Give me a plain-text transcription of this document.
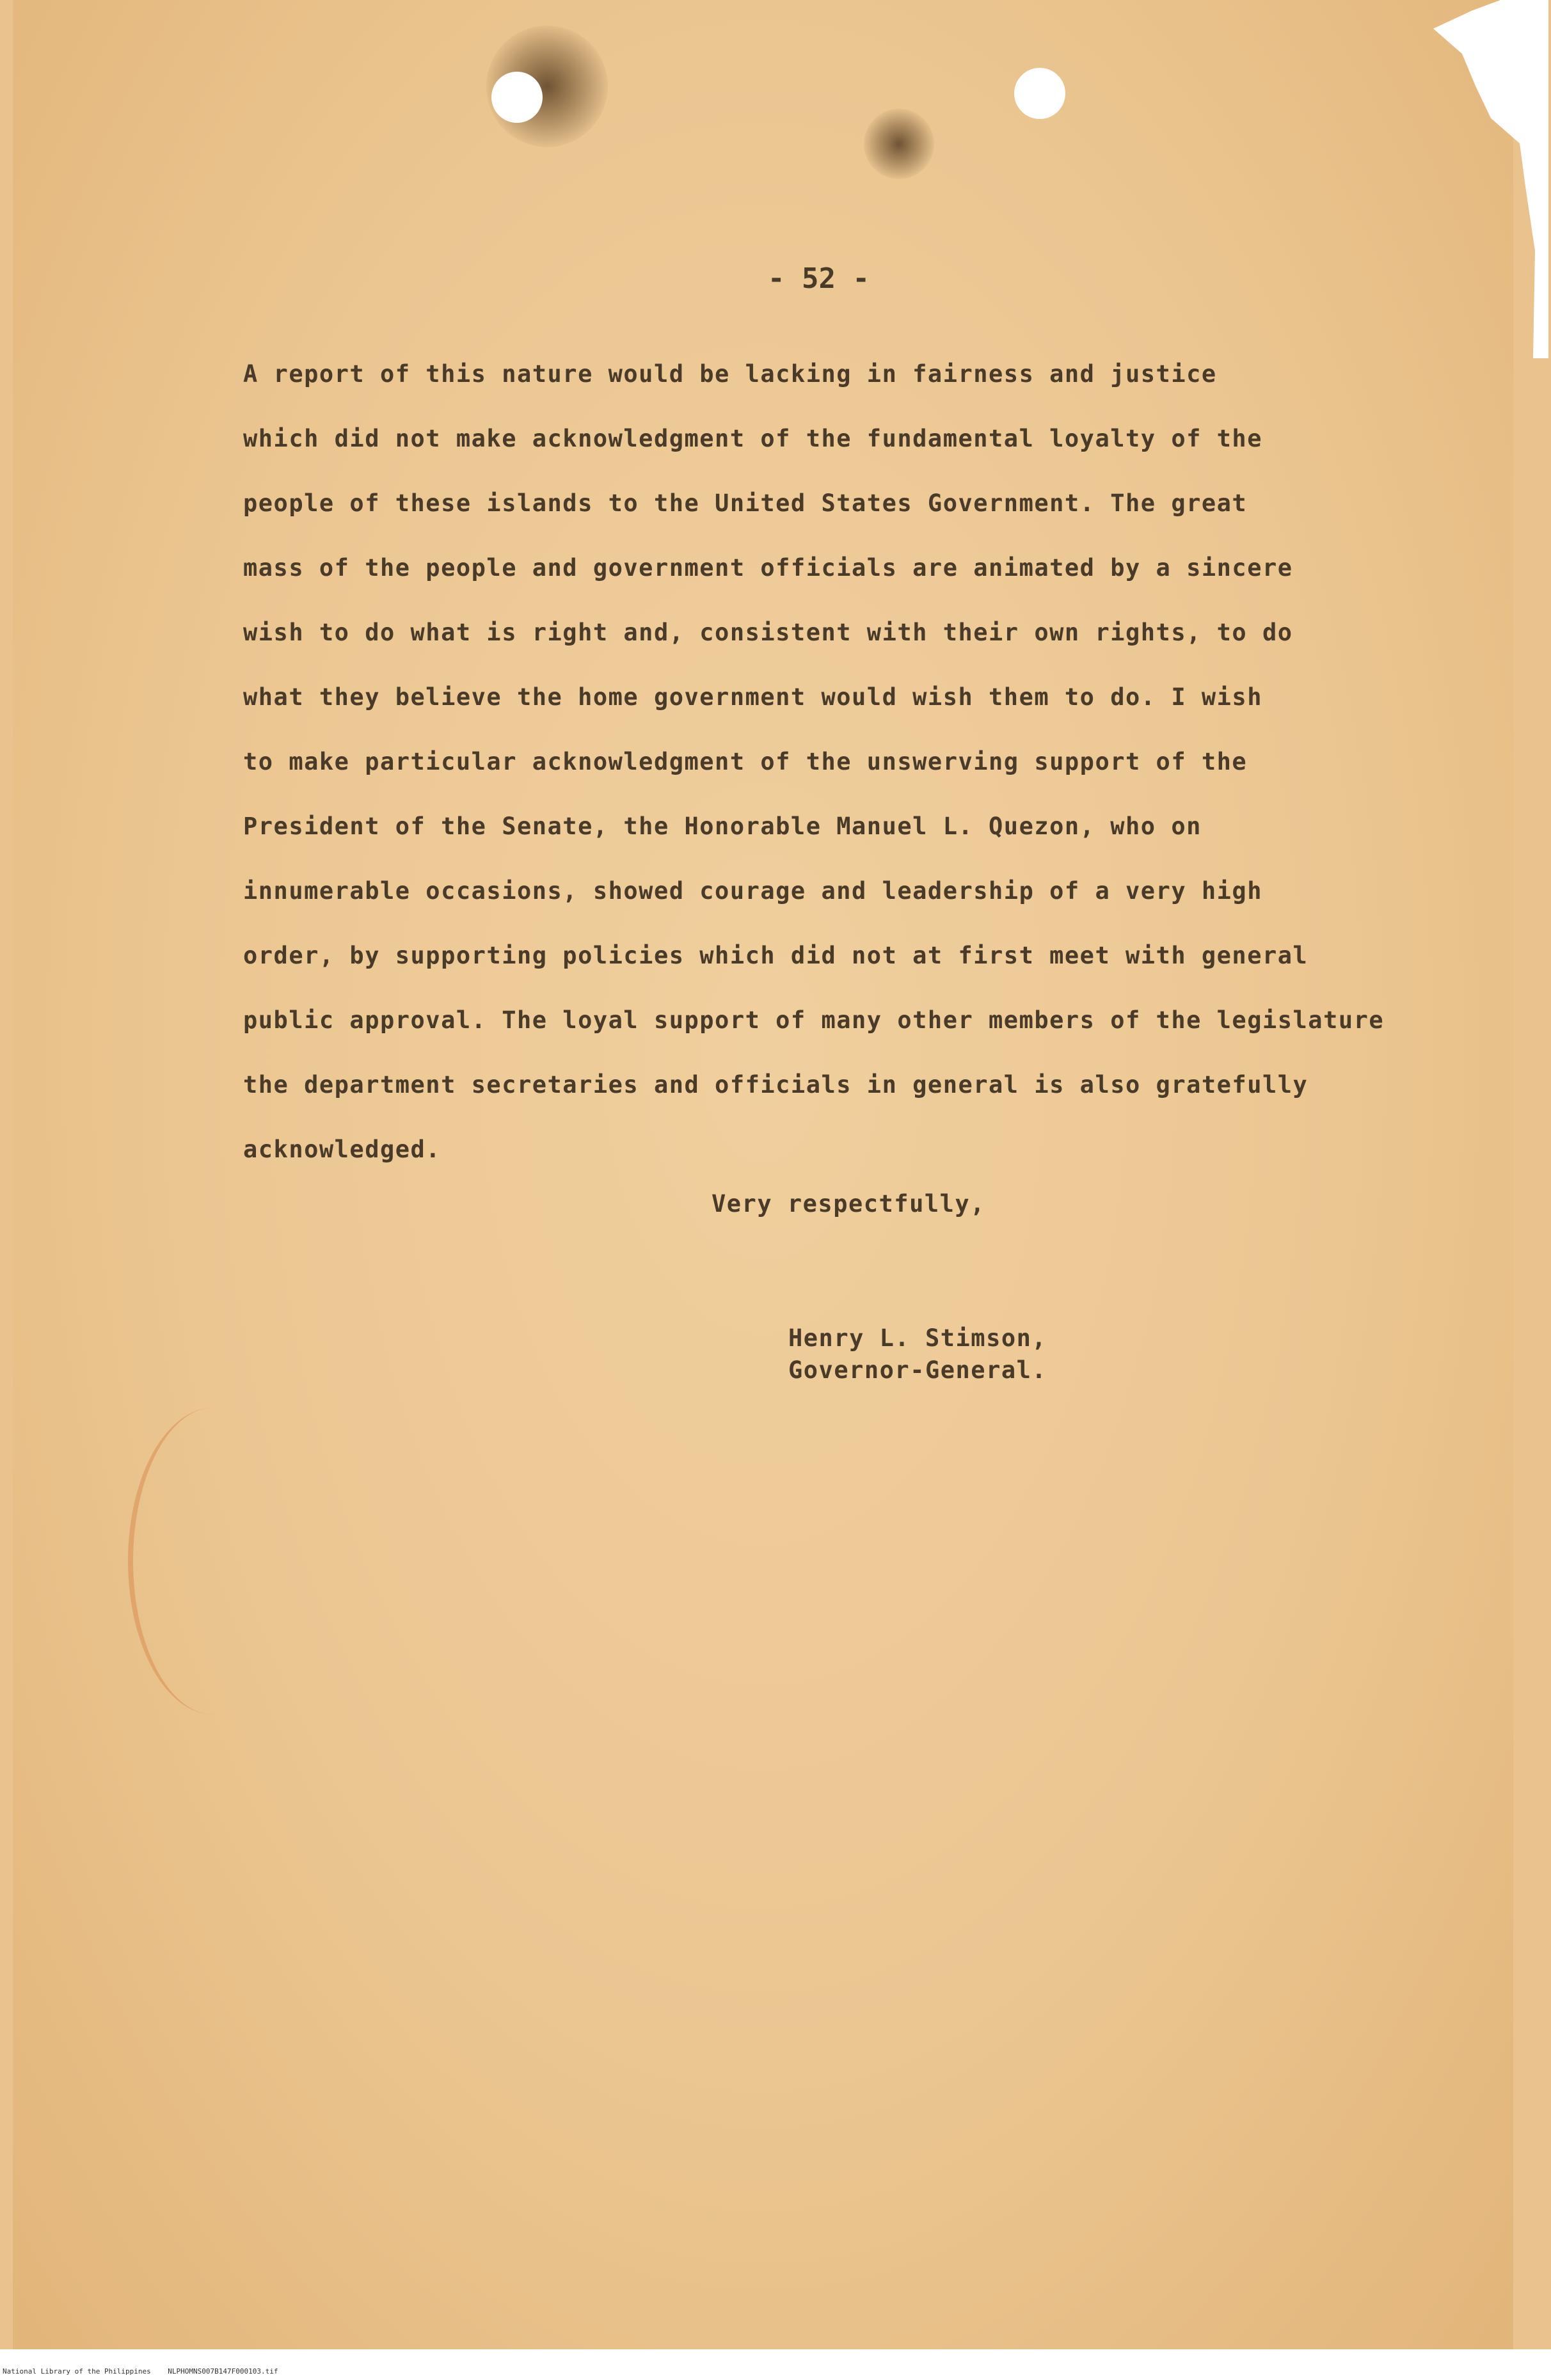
- 52 -
A report of this nature would be lacking in fairness and justice
which did not make acknowledgment of the fundamental loyalty of the
people of these islands to the United States Government. The great
mass of the people and government officials are animated by a sincere
wish to do what is right and, consistent with their own rights, to do
what they believe the home government would wish them to do. I wish
to make particular acknowledgment of the unswerving support of the
President of the Senate, the Honorable Manuel L. Quezon, who on
innumerable occasions, showed courage and leadership of a very high
order, by supporting policies which did not at first meet with general
public approval. The loyal support of many other members of the legislature
the department secretaries and officials in general is also gratefully
acknowledged.
Very respectfully,
Henry L. Stimson,
Governor-General.
National Library of the Philippines    NLPHOMNS007B147F000103.tif
